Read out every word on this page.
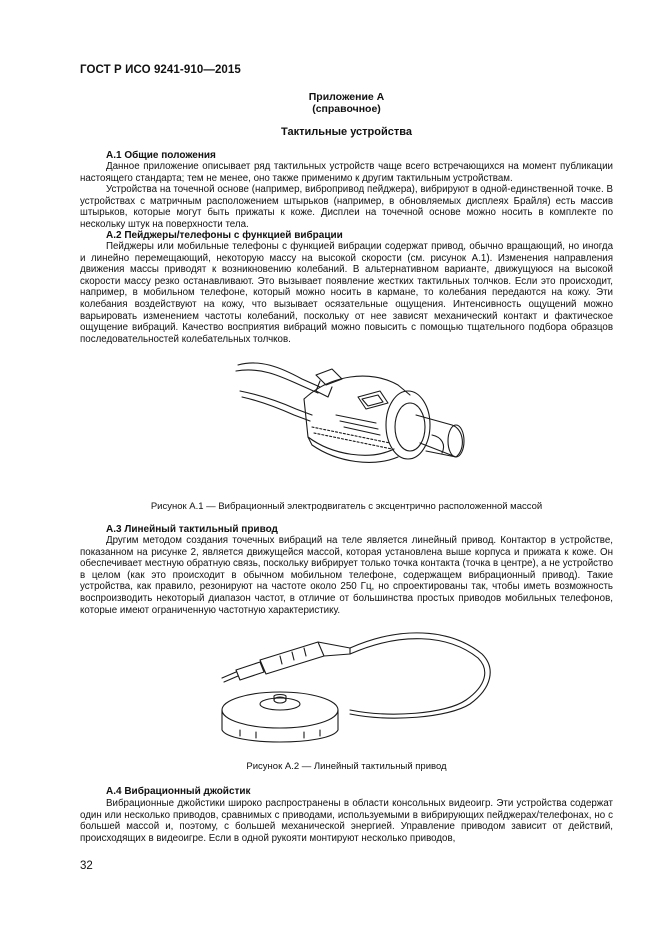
ГОСТ Р ИСО 9241-910—2015
Приложение А
(справочное)
Тактильные устройства
А.1 Общие положения

Данное приложение описывает ряд тактильных устройств чаще всего встречающихся на момент публикации настоящего стандарта; тем не менее, оно также применимо к другим тактильным устройствам.

Устройства на точечной основе (например, вибропривод пейджера), вибрируют в одной-единственной точке. В устройствах с матричным расположением штырьков (например, в обновляемых дисплеях Брайля) есть массив штырьков, которые могут быть прижаты к коже. Дисплеи на точечной основе можно носить в комплекте по нескольку штук на поверхности тела.

А.2 Пейджеры/телефоны с функцией вибрации

Пейджеры или мобильные телефоны с функцией вибрации содержат привод, обычно вращающий, но иногда и линейно перемещающий, некоторую массу на высокой скорости (см. рисунок А.1). Изменения направления движения массы приводят к возникновению колебаний. В альтернативном варианте, движущуюся на высокой скорости массу резко останавливают. Это вызывает появление жестких тактильных толчков. Если это происходит, например, в мобильном телефоне, который можно носить в кармане, то колебания передаются на кожу. Эти колебания воздействуют на кожу, что вызывает осязательные ощущения. Интенсивность ощущений можно варьировать изменением частоты колебаний, поскольку от нее зависят механический контакт и фактическое ощущение вибраций. Качество восприятия вибраций можно повысить с помощью тщательного подбора образцов последовательностей колебательных толчков.

Рисунок А.1 — Вибрационный электродвигатель с эксцентрично расположенной массой
А.3 Линейный тактильный привод

Другим методом создания точечных вибраций на теле является линейный привод. Контактор в устройстве, показанном на рисунке 2, является движущейся массой, которая установлена выше корпуса и прижата к коже. Он обеспечивает местную обратную связь, поскольку вибрирует только точка контакта (точка в центре), а не устройство в целом (как это происходит в обычном мобильном телефоне, содержащем вибрационный привод). Такие устройства, как правило, резонируют на частоте около 250 Гц, но спроектированы так, чтобы иметь возможность воспроизводить некоторый диапазон частот, в отличие от большинства простых приводов мобильных телефонов, которые имеют ограниченную частотную характеристику.

Рисунок А.2 — Линейный тактильный привод
А.4 Вибрационный джойстик

Вибрационные джойстики широко распространены в области консольных видеоигр. Эти устройства содержат один или несколько приводов, сравнимых с приводами, используемыми в вибрирующих пейджерах/телефонах, но с большей массой и, поэтому, с большей механической энергией. Управление приводом зависит от действий, происходящих в видеоигре. Если в одной рукояти монтируют несколько приводов,

32
